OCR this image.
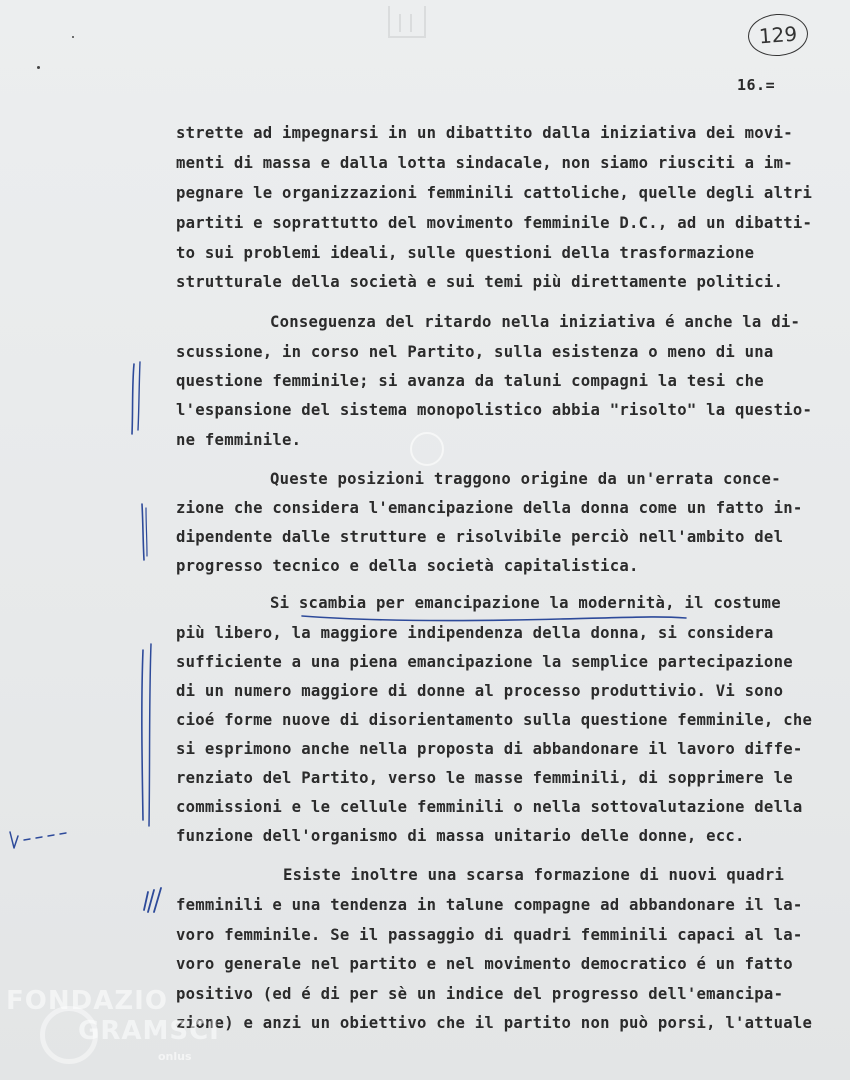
129
16.=
strette ad impegnarsi in un dibattito dalla iniziativa dei movi-
menti di massa e dalla lotta sindacale, non siamo riusciti a im-
pegnare le organizzazioni femminili cattoliche, quelle degli altri
partiti e soprattutto del movimento femminile D.C., ad un dibatti-
to sui problemi ideali, sulle questioni della trasformazione
strutturale della società e sui temi più direttamente politici.
Conseguenza del ritardo nella iniziativa é anche la di-
scussione, in corso nel Partito, sulla esistenza o meno di una
questione femminile; si avanza da taluni compagni la tesi che
l'espansione del sistema monopolistico abbia "risolto" la questio-
ne femminile.
Queste posizioni traggono origine da un'errata conce-
zione che considera l'emancipazione della donna come un fatto in-
dipendente dalle strutture e risolvibile perciò nell'ambito del
progresso tecnico e della società capitalistica.
Si scambia per emancipazione la modernità, il costume
più libero, la maggiore indipendenza della donna, si considera
sufficiente a una piena emancipazione la semplice partecipazione
di un numero maggiore di donne al processo produttivio. Vi sono
cioé forme nuove di disorientamento sulla questione femminile, che
si esprimono anche nella proposta di abbandonare il lavoro diffe-
renziato del Partito, verso le masse femminili, di sopprimere le
commissioni e le cellule femminili o nella sottovalutazione della
funzione dell'organismo di massa unitario delle donne, ecc.
Esiste inoltre una scarsa formazione di nuovi quadri
femminili e una tendenza in talune compagne ad abbandonare il la-
voro femminile. Se il passaggio di quadri femminili capaci al la-
voro generale nel partito e nel movimento democratico é un fatto
positivo (ed é di per sè un indice del progresso dell'emancipa-
zione) e anzi un obiettivo che il partito non può porsi, l'attuale
FONDAZIO
GRAMSCI
onlus
